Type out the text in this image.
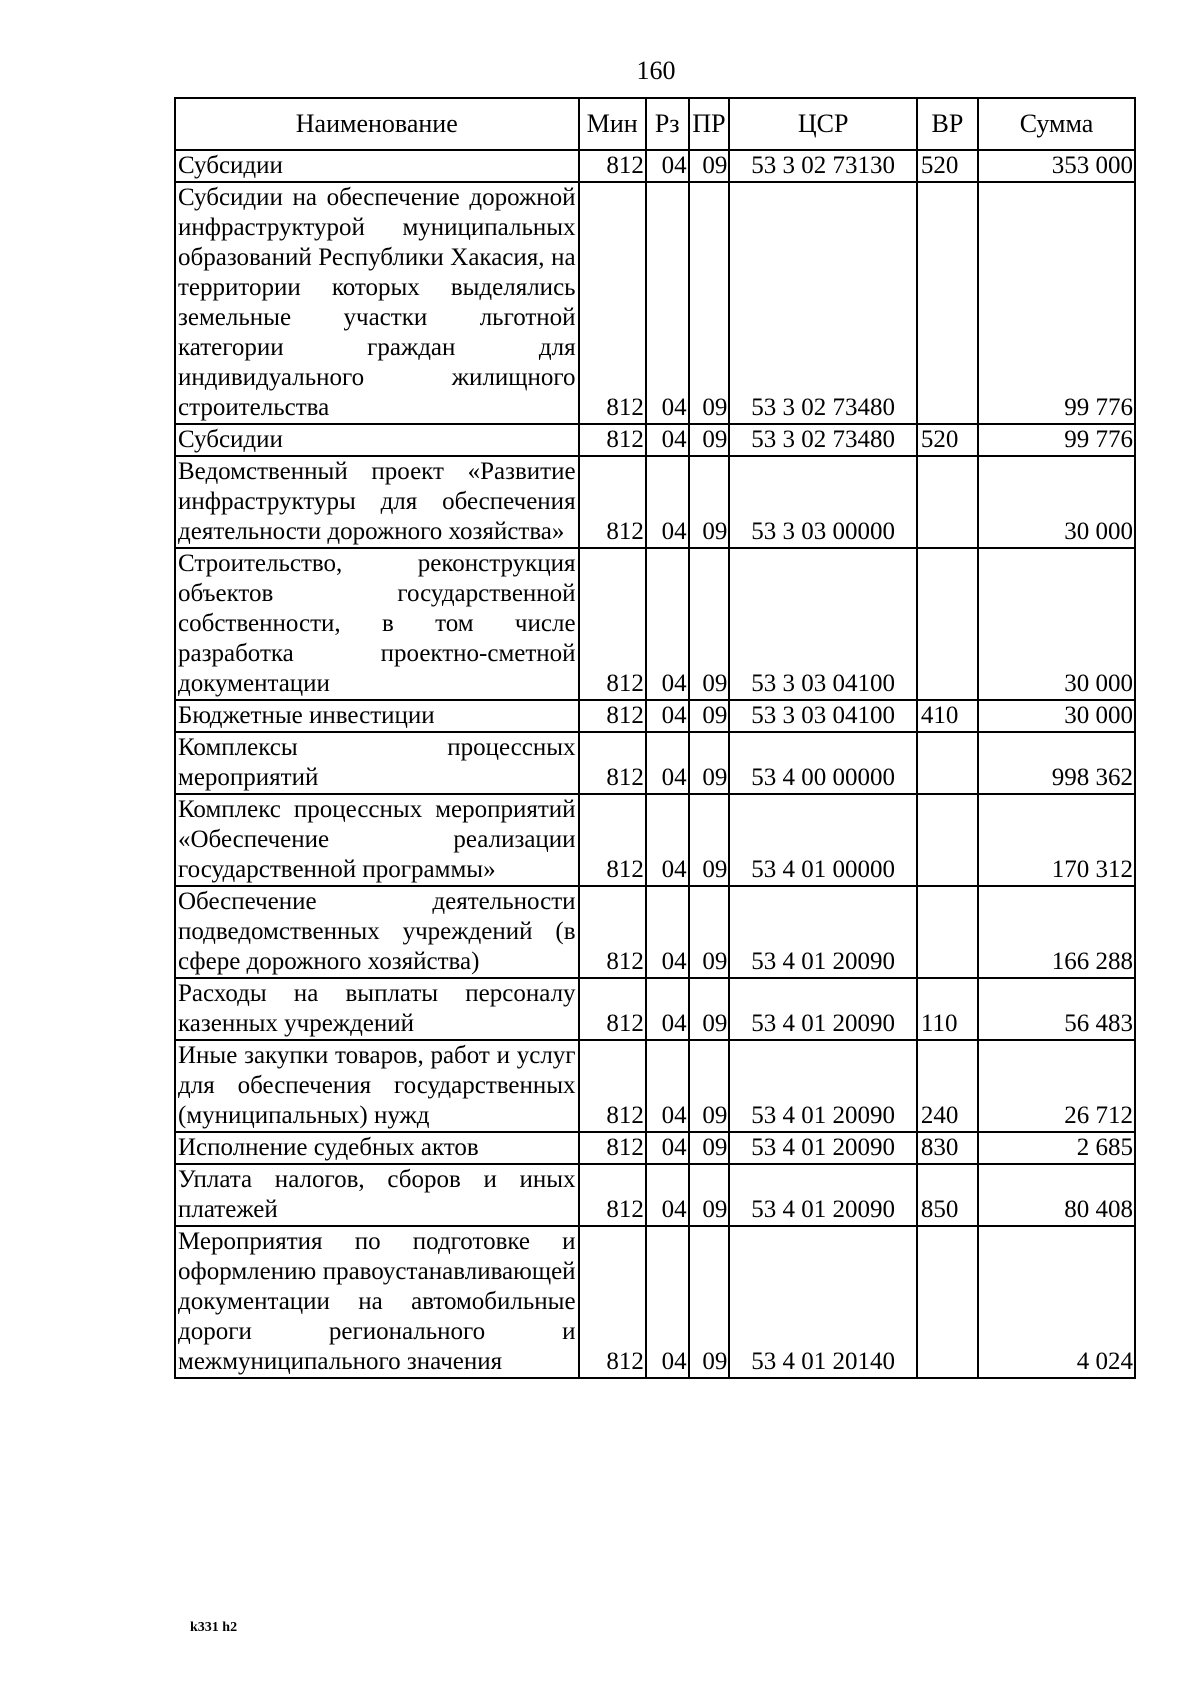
160
Наименование	Мин	Рз	ПР	ЦСР	ВР	Сумма
Субсидии	812	04	09	53 3 02 73130	520	353 000
Субсидии на обеспечение дорожной инфраструктурой муниципальных образований Республики Хакасия, на территории которых выделялись земельные участки льготной категории граждан для индивидуального жилищного строительства	812	04	09	53 3 02 73480		99 776
Субсидии	812	04	09	53 3 02 73480	520	99 776
Ведомственный проект «Развитие инфраструктуры для обеспечения деятельности дорожного хозяйства»	812	04	09	53 3 03 00000		30 000
Строительство, реконструкция объектов государственной собственности, в том числе разработка проектно-сметной документации	812	04	09	53 3 03 04100		30 000
Бюджетные инвестиции	812	04	09	53 3 03 04100	410	30 000
Комплексы процессных мероприятий	812	04	09	53 4 00 00000		998 362
Комплекс процессных мероприятий «Обеспечение реализации государственной программы»	812	04	09	53 4 01 00000		170 312
Обеспечение деятельности подведомственных учреждений (в сфере дорожного хозяйства)	812	04	09	53 4 01 20090		166 288
Расходы на выплаты персоналу казенных учреждений	812	04	09	53 4 01 20090	110	56 483
Иные закупки товаров, работ и услуг для обеспечения государственных (муниципальных) нужд	812	04	09	53 4 01 20090	240	26 712
Исполнение судебных актов	812	04	09	53 4 01 20090	830	2 685
Уплата налогов, сборов и иных платежей	812	04	09	53 4 01 20090	850	80 408
Мероприятия по подготовке и оформлению правоустанавливающей документации на автомобильные дороги регионального и межмуниципального значения	812	04	09	53 4 01 20140		4 024
k331 h2
